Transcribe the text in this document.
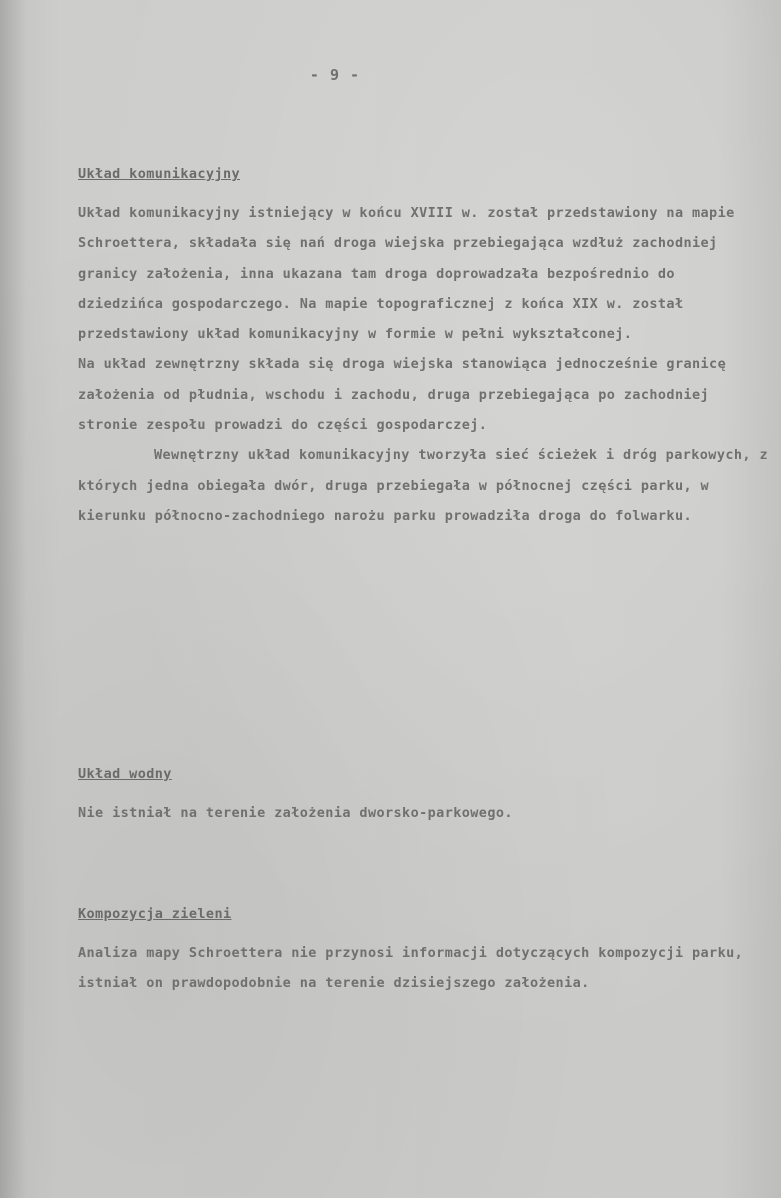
- 9 -

Układ komunikacyjny

Układ komunikacyjny istniejący w końcu XVIII w. został przedstawiony na mapie Schroettera, składała się nań droga wiejska przebiegająca wzdłuż zachodniej granicy założenia, inna ukazana tam droga doprowadzała bezpośrednio do dziedzińca gospodarczego. Na mapie topograficznej z końca XIX w. został przedstawiony układ komunikacyjny w formie w pełni wykształconej.

Na układ zewnętrzny składa się droga wiejska stanowiąca jednocześnie granicę założenia od płudnia, wschodu i zachodu, druga przebiegająca po zachodniej stronie zespołu prowadzi do części gospodarczej.

Wewnętrzny układ komunikacyjny tworzyła sieć ścieżek i dróg parkowych, z których jedna obiegała dwór, druga przebiegała w północnej części parku, w kierunku północno-zachodniego narożu parku prowadziła droga do folwarku.

Układ wodny

Nie istniał na terenie założenia dworsko-parkowego.

Kompozycja zieleni

Analiza mapy Schroettera nie przynosi informacji dotyczących kompozycji parku, istniał on prawdopodobnie na terenie dzisiejszego założenia.
